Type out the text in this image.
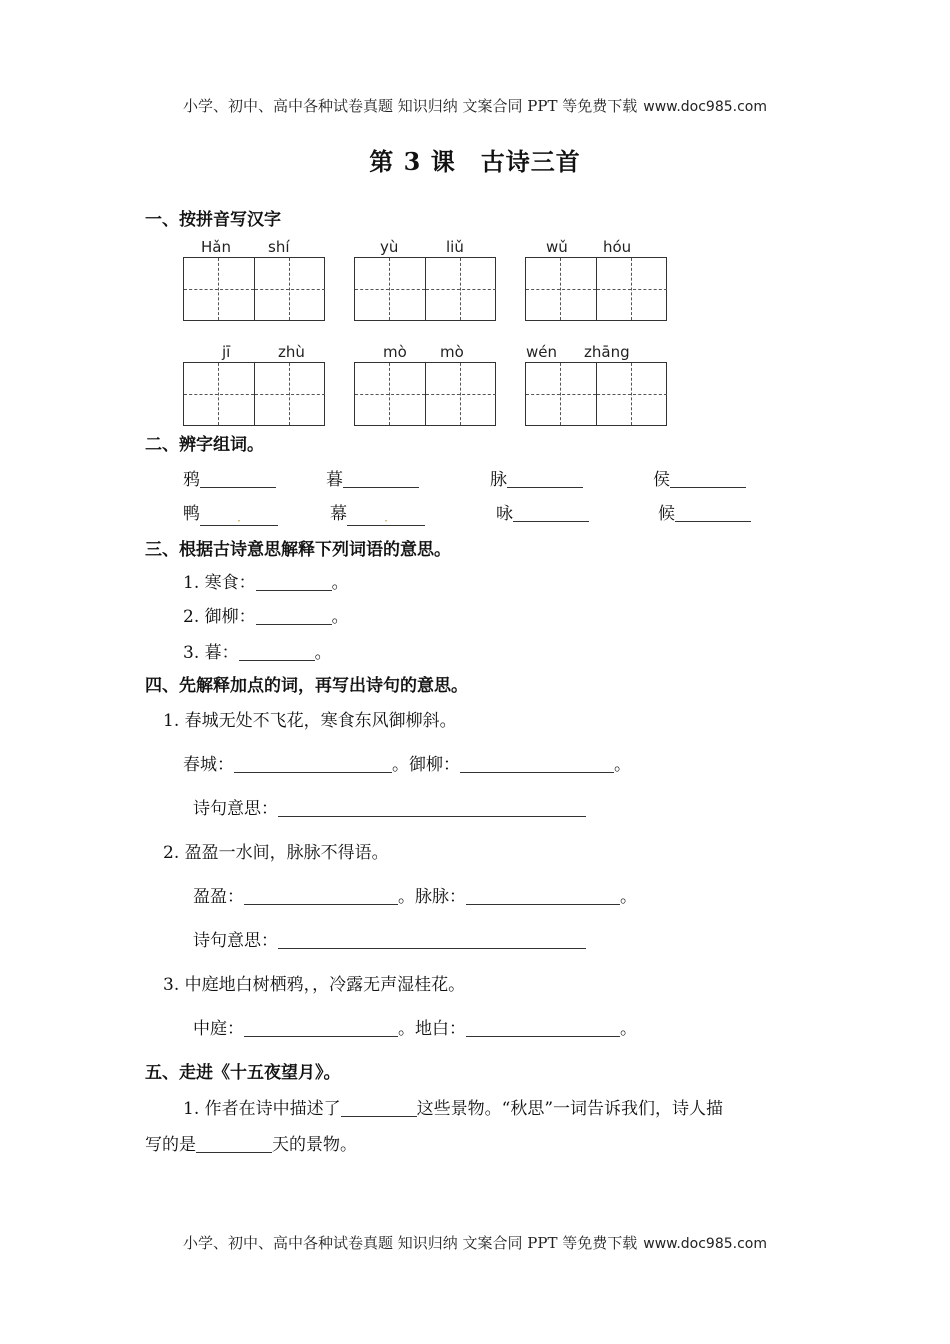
小学、初中、高中各种试卷真题 知识归纳 文案合同 PPT 等免费下载 www.doc985.com
第 3 课　古诗三首
一、按拼音写汉字
Hǎn shí	yù	liǔ	wǔ hóu
jī	zhù	mò mò	wén zhāng
二、辨字组词。
鸦	暮	脉	侯
鸭	·	幕	·	咏	候
三、根据古诗意思解释下列词语的意思。
1. 寒食：	。
2. 御柳：	。
3. 暮：	。
四、先解释加点的词，再写出诗句的意思。
1. 春城无处不飞花，寒食东风御柳斜。
春城：	。御柳：	。
诗句意思：
2. 盈盈一水间，脉脉不得语。
盈盈：	。脉脉：	。
诗句意思：
3. 中庭地白树栖鸦，，冷露无声湿桂花。
中庭：	。地白：	。
五、走进《十五夜望月》。
1. 作者在诗中描述了	这些景物。“秋思”一词告诉我们，诗人描
写的是	天的景物。
小学、初中、高中各种试卷真题 知识归纳 文案合同 PPT 等免费下载 www.doc985.com
